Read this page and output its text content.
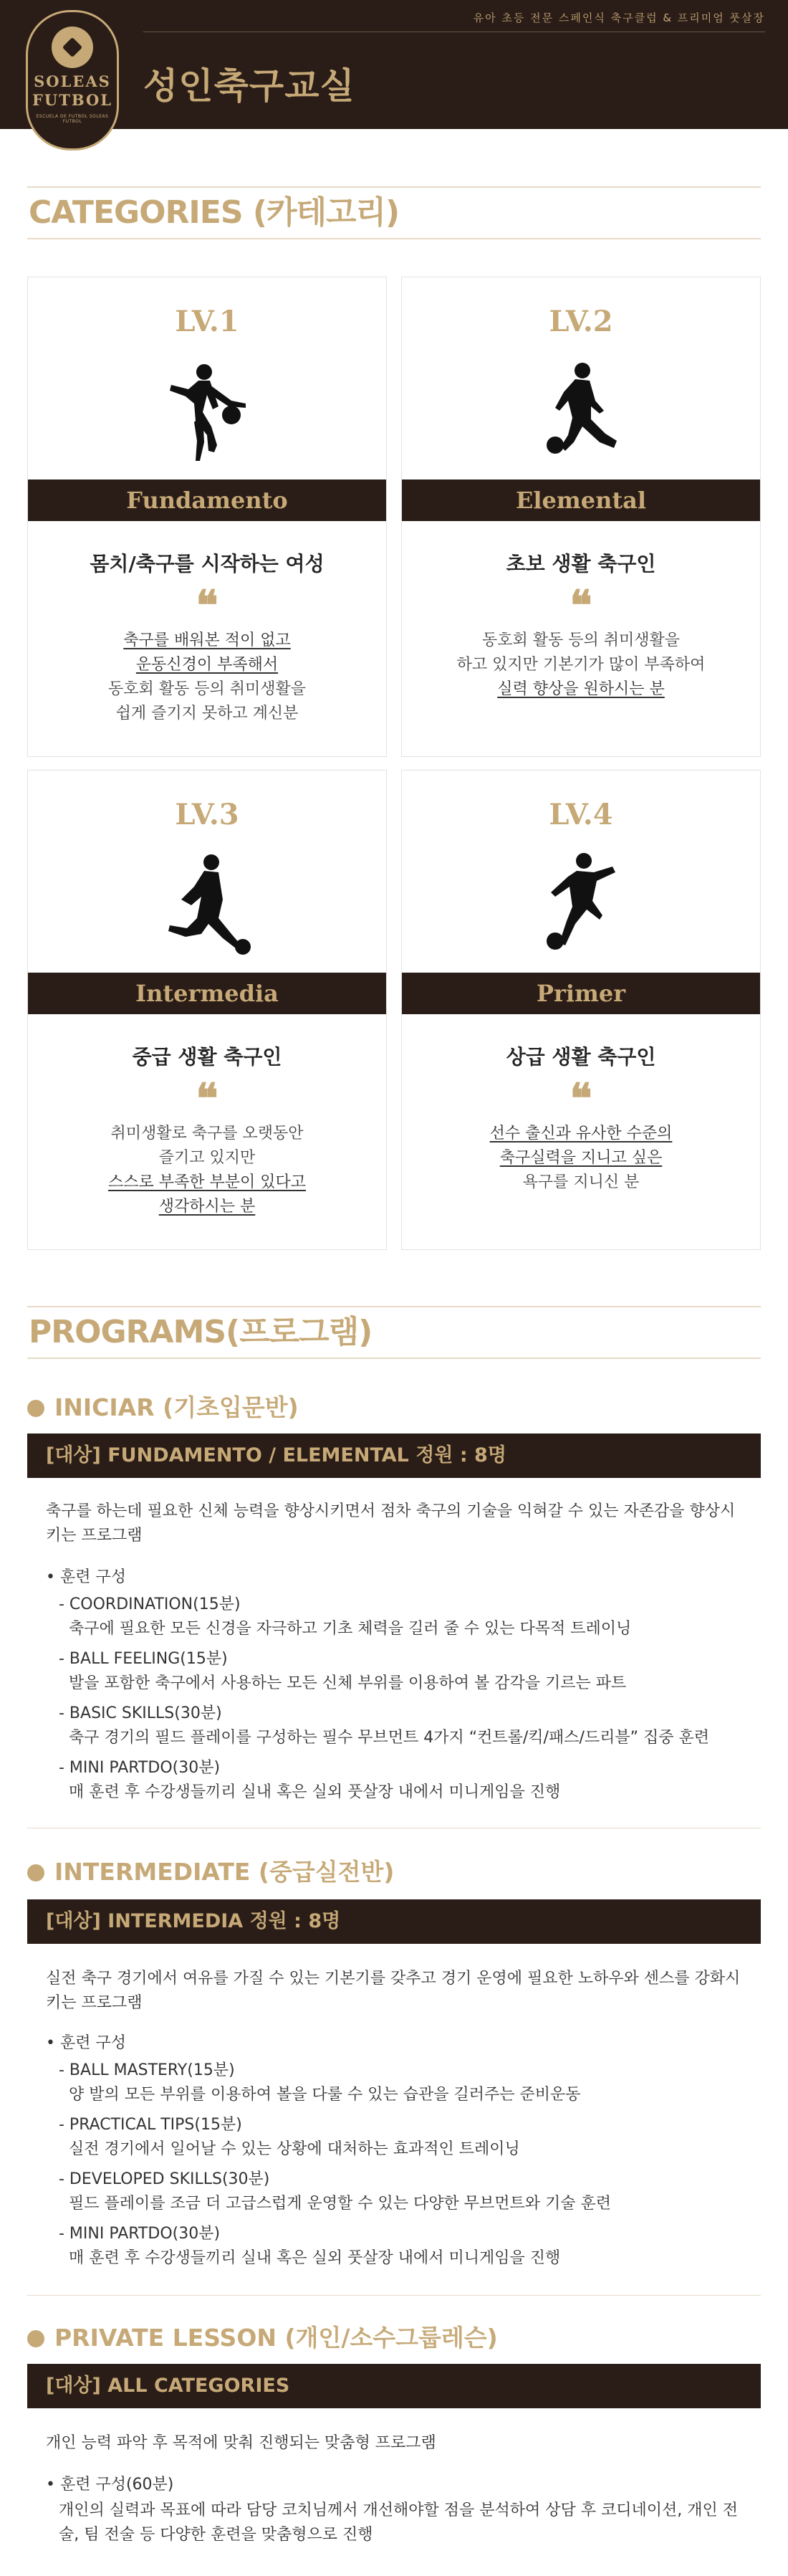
SOLEAS
FUTBOL
ESCUELA DE FUTBOL SOLEAS FUTBOL
유아 초등 전문 스페인식 축구클럽 & 프리미엄 풋살장
성인축구교실
CATEGORIES (카테고리)
LV.1
Fundamento
몸치/축구를 시작하는 여성
❝
축구를 배워본 적이 없고
운동신경이 부족해서
동호회 활동 등의 취미생활을
쉽게 즐기지 못하고 계신분
LV.2
Elemental
초보 생활 축구인
❝
동호회 활동 등의 취미생활을
하고 있지만 기본기가 많이 부족하여
실력 향상을 원하시는 분
LV.3
Intermedia
중급 생활 축구인
❝
취미생활로 축구를 오랫동안
즐기고 있지만
스스로 부족한 부분이 있다고
생각하시는 분
LV.4
Primer
상급 생활 축구인
❝
선수 출신과 유사한 수준의
축구실력을 지니고 싶은
욕구를 지니신 분
PROGRAMS(프로그램)
INICIAR (기초입문반)
[대상] FUNDAMENTO / ELEMENTAL 정원 : 8명
축구를 하는데 필요한 신체 능력을 향상시키면서 점차 축구의 기술을 익혀갈 수 있는 자존감을 향상시키는 프로그램
• 훈련 구성
- COORDINATION(15분)
축구에 필요한 모든 신경을 자극하고 기초 체력을 길러 줄 수 있는 다목적 트레이닝
- BALL FEELING(15분)
발을 포함한 축구에서 사용하는 모든 신체 부위를 이용하여 볼 감각을 기르는 파트
- BASIC SKILLS(30분)
축구 경기의 필드 플레이를 구성하는 필수 무브먼트 4가지 “컨트롤/킥/패스/드리블” 집중 훈련
- MINI PARTDO(30분)
매 훈련 후 수강생들끼리 실내 혹은 실외 풋살장 내에서 미니게임을 진행
INTERMEDIATE (중급실전반)
[대상] INTERMEDIA 정원 : 8명
실전 축구 경기에서 여유를 가질 수 있는 기본기를 갖추고 경기 운영에 필요한 노하우와 센스를 강화시키는 프로그램
• 훈련 구성
- BALL MASTERY(15분)
양 발의 모든 부위를 이용하여 볼을 다룰 수 있는 습관을 길러주는 준비운동
- PRACTICAL TIPS(15분)
실전 경기에서 일어날 수 있는 상황에 대처하는 효과적인 트레이닝
- DEVELOPED SKILLS(30분)
필드 플레이를 조금 더 고급스럽게 운영할 수 있는 다양한 무브먼트와 기술 훈련
- MINI PARTDO(30분)
매 훈련 후 수강생들끼리 실내 혹은 실외 풋살장 내에서 미니게임을 진행
PRIVATE LESSON (개인/소수그룹레슨)
[대상] ALL CATEGORIES
개인 능력 파악 후 목적에 맞춰 진행되는 맞춤형 프로그램
• 훈련 구성(60분)
개인의 실력과 목표에 따라 담당 코치님께서 개선해야할 점을 분석하여 상담 후 코디네이션, 개인 전술, 팀 전술 등 다양한 훈련을 맞춤형으로 진행
